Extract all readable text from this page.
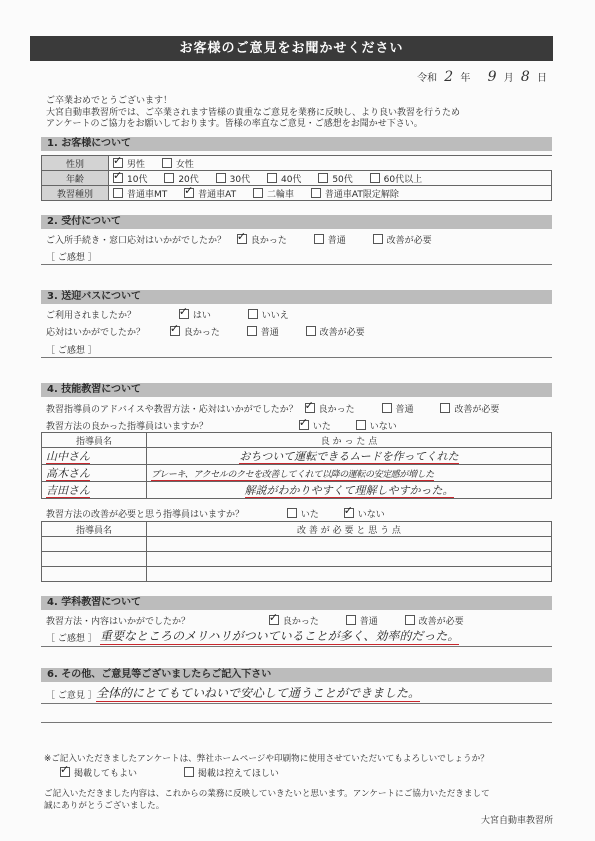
お客様のご意見をお聞かせください
令和 2 年 9 月 8 日
ご卒業おめでとうございます！
大宮自動車教習所では、ご卒業されます皆様の貴重なご意見を業務に反映し、より良い教習を行うため
アンケートのご協力をお願いしております。皆様の率直なご意見・ご感想をお聞かせ下さい。
1. お客様について
性別	✓男性 女性
年齢	✓10代 20代 30代 40代 50代 60代以上
教習種別	普通車MT ✓ 普通車AT 二輪車 普通車AT限定解除
2. 受付について
ご入所手続き・窓口応対はいかがでしたか？ ✓	良かった	普通	改善が必要
［ ご感想 ］
3. 送迎バスについて
ご利用されましたか？ ✓	はい	いいえ
応対はいかがでしたか？ ✓	良かった	普通	改善が必要
［ ご感想 ］
4. 技能教習について
教習指導員のアドバイスや教習方法・応対はいかがでしたか？ ✓ 良かった	普通	改善が必要
教習方法の良かった指導員はいますか？ ✓	いた	いない
指導員名	良 か っ た 点
山中さん	おちついて運転できるムードを作ってくれた
高木さん	ブレーキ、アクセルのクセを改善してくれて以降の運転の安定感が増した
吉田さん	解説がわかりやすくて理解しやすかった。
教習方法の改善が必要と思う指導員はいますか？	いた ✓	いない
指導員名	改 善 が 必 要 と 思 う 点

4. 学科教習について
教習方法・内容はいかがでしたか？ ✓	良かった	普通	改善が必要
［ ご感想 ］ 重要なところのメリハリがついていることが多く、効率的だった。
6. その他、ご意見等ございましたらご記入下さい
［ ご意見 ］ 全体的にとてもていねいで安心して通うことができました。
※ご記入いただきましたアンケートは、弊社ホームページや印刷物に使用させていただいてもよろしいでしょうか？
✓掲載してもよい	掲載は控えてほしい
ご記入いただきました内容は、これからの業務に反映していきたいと思います。アンケートにご協力いただきまして
誠にありがとうございました。
大宮自動車教習所
